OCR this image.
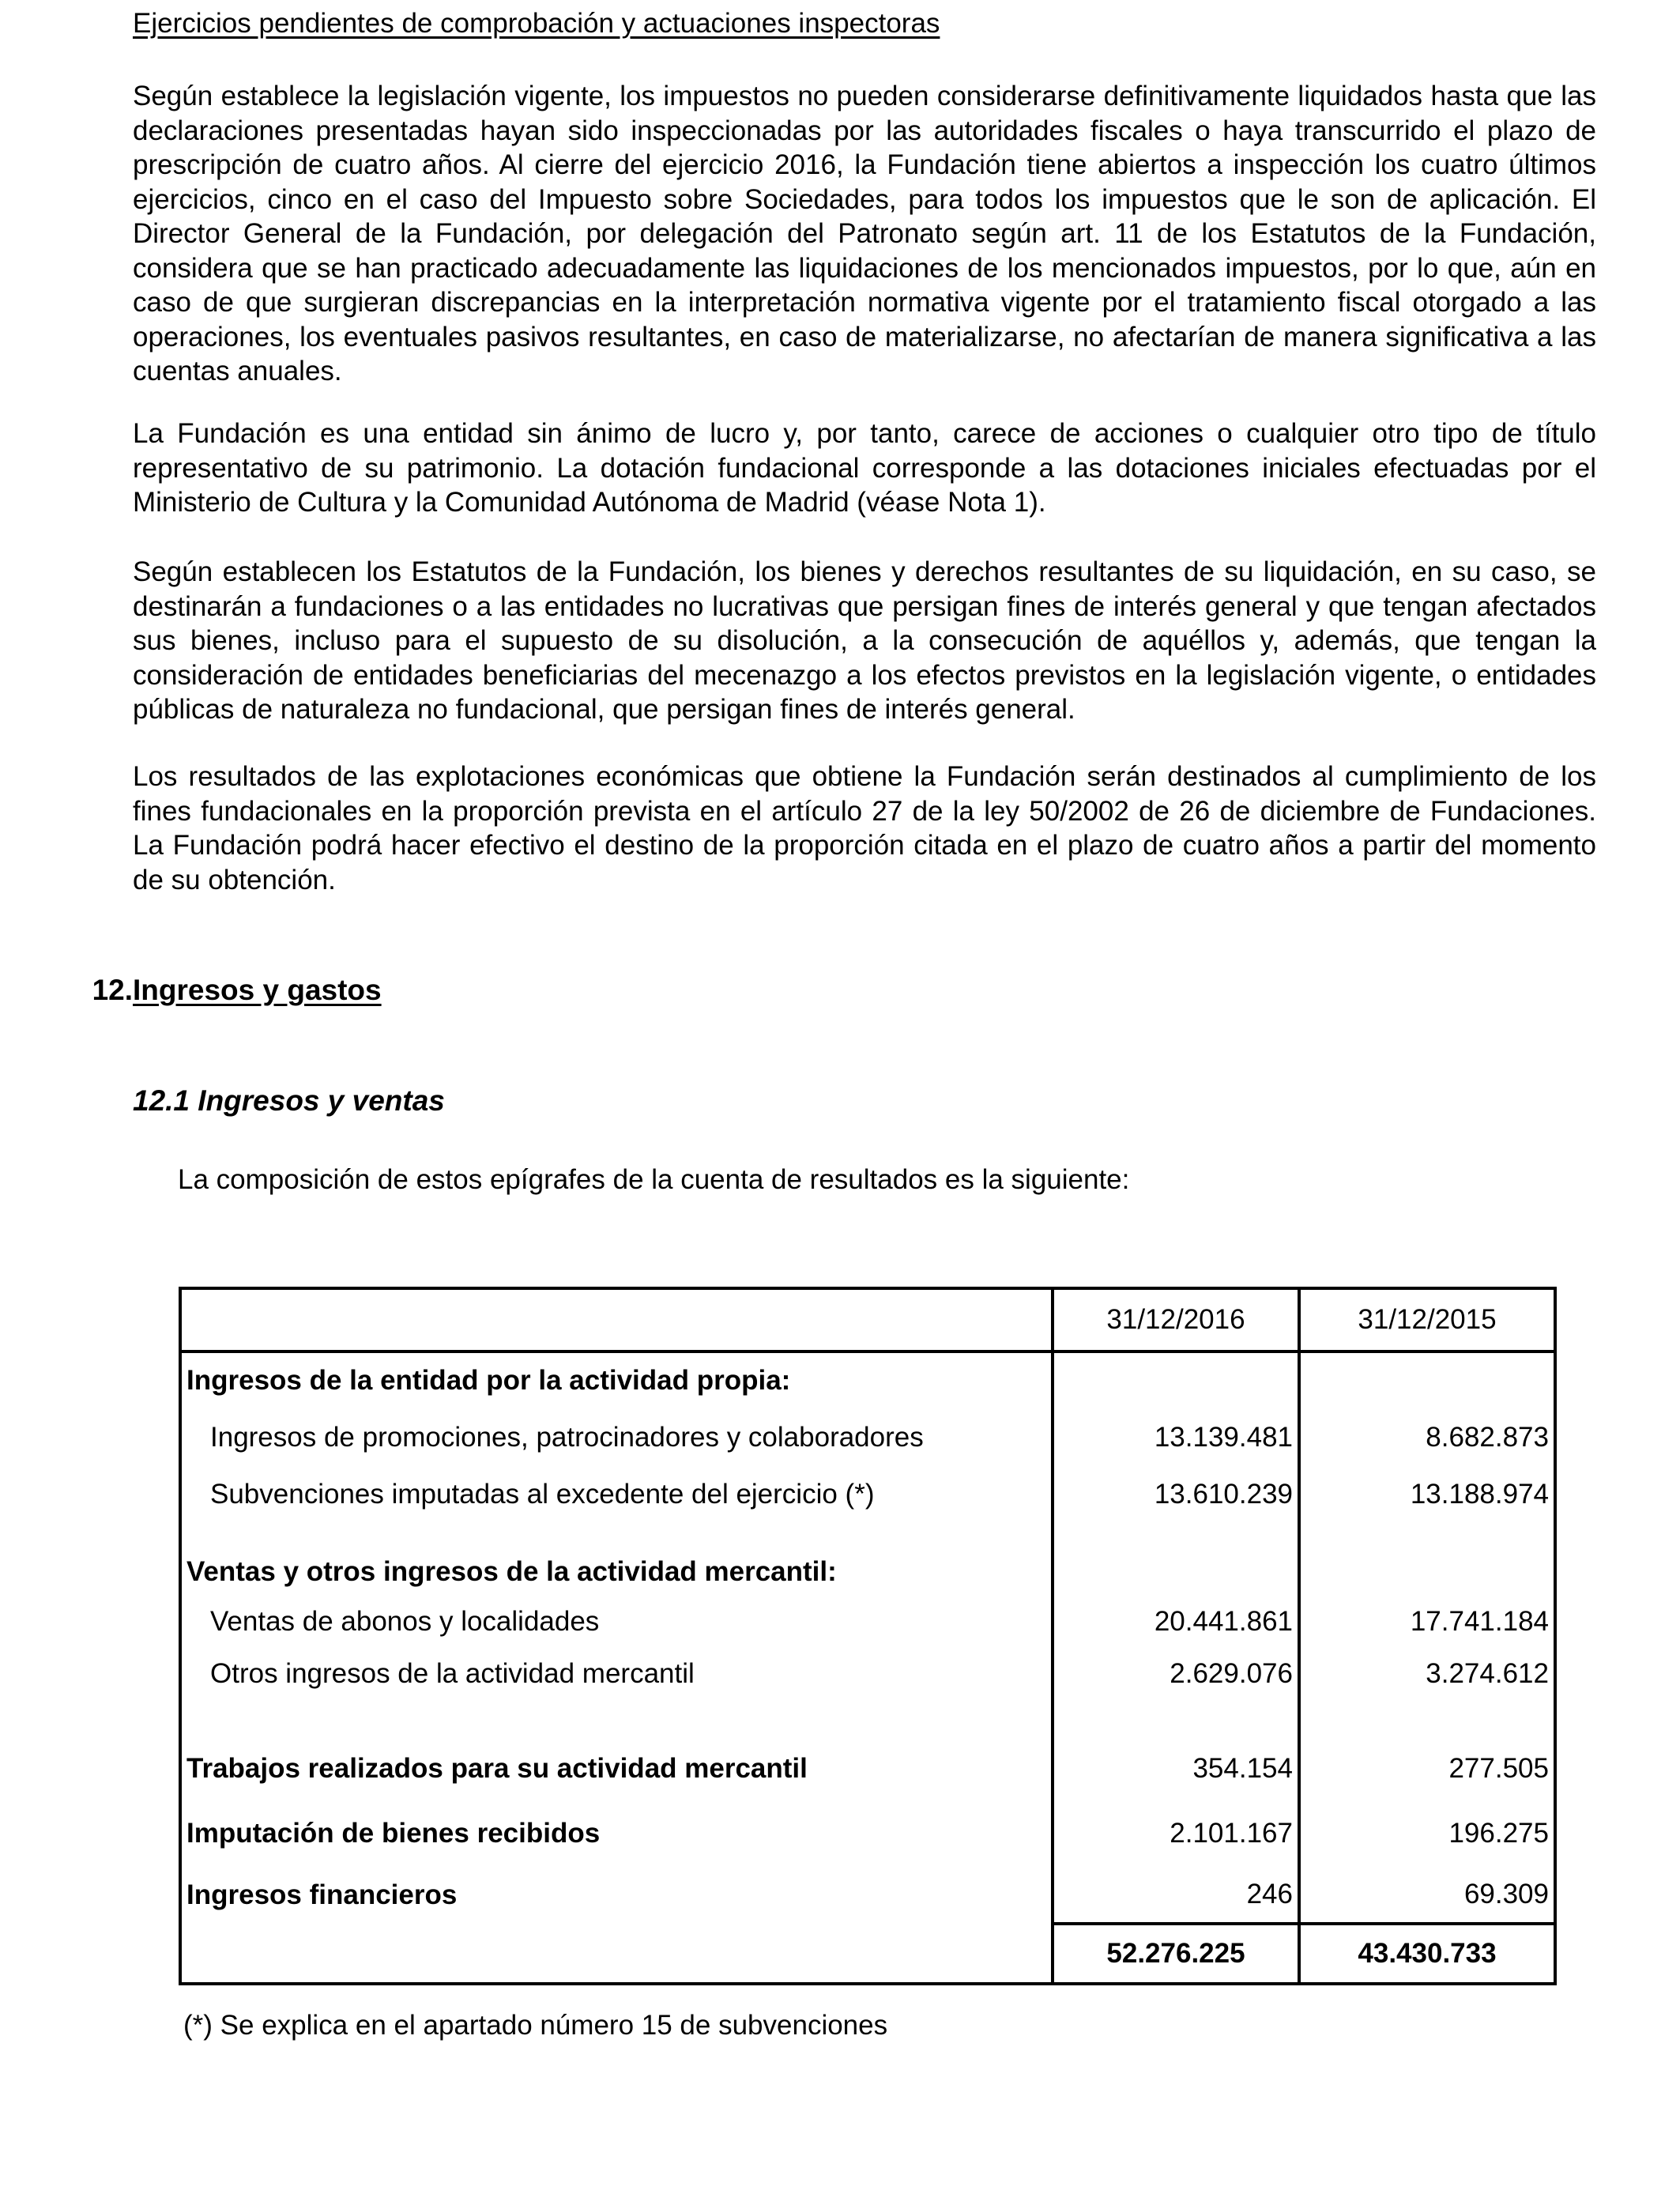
Ejercicios pendientes de comprobación y actuaciones inspectoras

Según establece la legislación vigente, los impuestos no pueden considerarse definitivamente liquidados hasta que las declaraciones presentadas hayan sido inspeccionadas por las autoridades fiscales o haya transcurrido el plazo de prescripción de cuatro años. Al cierre del ejercicio 2016, la Fundación tiene abiertos a inspección los cuatro últimos ejercicios, cinco en el caso del Impuesto sobre Sociedades, para todos los impuestos que le son de aplicación. El Director General de la Fundación, por delegación del Patronato según art. 11 de los Estatutos de la Fundación, considera que se han practicado adecuadamente las liquidaciones de los mencionados impuestos, por lo que, aún en caso de que surgieran discrepancias en la interpretación normativa vigente por el tratamiento fiscal otorgado a las operaciones, los eventuales pasivos resultantes, en caso de materializarse, no afectarían de manera significativa a las cuentas anuales.

La Fundación es una entidad sin ánimo de lucro y, por tanto, carece de acciones o cualquier otro tipo de título representativo de su patrimonio. La dotación fundacional corresponde a las dotaciones iniciales efectuadas por el Ministerio de Cultura y la Comunidad Autónoma de Madrid (véase Nota 1).

Según establecen los Estatutos de la Fundación, los bienes y derechos resultantes de su liquidación, en su caso, se destinarán a fundaciones o a las entidades no lucrativas que persigan fines de interés general y que tengan afectados sus bienes, incluso para el supuesto de su disolución, a la consecución de aquéllos y, además, que tengan la consideración de entidades beneficiarias del mecenazgo a los efectos previstos en la legislación vigente, o entidades públicas de naturaleza no fundacional, que persigan fines de interés general.

Los resultados de las explotaciones económicas que obtiene la Fundación serán destinados al cumplimiento de los fines fundacionales en la proporción prevista en el artículo 27 de la ley 50/2002 de 26 de diciembre de Fundaciones. La Fundación podrá hacer efectivo el destino de la proporción citada en el plazo de cuatro años a partir del momento de su obtención.

12.Ingresos y gastos
12.1 Ingresos y ventas
La composición de estos epígrafes de la cuenta de resultados es la siguiente:
	31/12/2016	31/12/2015
Ingresos de la entidad por la actividad propia:		
Ingresos de promociones, patrocinadores y colaboradores	13.139.481	8.682.873
Subvenciones imputadas al excedente del ejercicio (*)	13.610.239	13.188.974

Ventas y otros ingresos de la actividad mercantil:		
Ventas de abonos y localidades	20.441.861	17.741.184
Otros ingresos de la actividad mercantil	2.629.076	3.274.612

Trabajos realizados para su actividad mercantil	354.154	277.505
Imputación de bienes recibidos	2.101.167	196.275
Ingresos financieros	246	69.309
	52.276.225	43.430.733
(*) Se explica en el apartado número 15 de subvenciones
